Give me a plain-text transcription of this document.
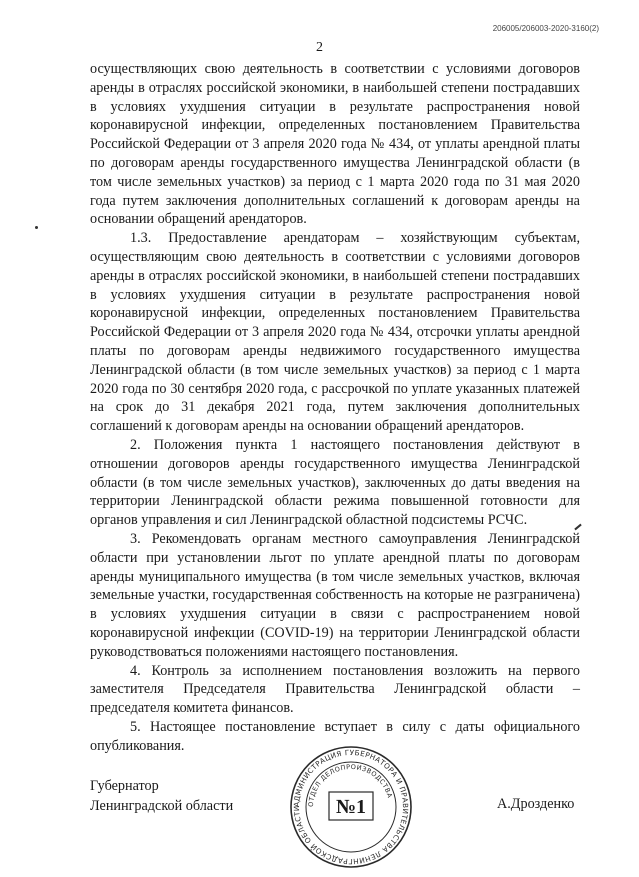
206005/206003-2020-3160(2)
2

осуществляющих свою деятельность в соответствии с условиями договоров аренды в отраслях российской экономики, в наибольшей степени пострадавших в условиях ухудшения ситуации в результате распространения новой коронавирусной инфекции, определенных постановлением Правительства Российской Федерации от 3 апреля 2020 года № 434, от уплаты арендной платы по договорам аренды государственного имущества Ленинградской области (в том числе земельных участков) за период с 1 марта 2020 года по 31 мая 2020 года путем заключения дополнительных соглашений к договорам аренды на основании обращений арендаторов.

1.3. Предоставление арендаторам – хозяйствующим субъектам, осуществляющим свою деятельность в соответствии с условиями договоров аренды в отраслях российской экономики, в наибольшей степени пострадавших в условиях ухудшения ситуации в результате распространения новой коронавирусной инфекции, определенных постановлением Правительства Российской Федерации от 3 апреля 2020 года № 434, отсрочки уплаты арендной платы по договорам аренды недвижимого государственного имущества Ленинградской области (в том числе земельных участков) за период с 1 марта 2020 года по 30 сентября 2020 года, с рассрочкой по уплате указанных платежей на срок до 31 декабря 2021 года, путем заключения дополнительных соглашений к договорам аренды на основании обращений арендаторов.

2. Положения пункта 1 настоящего постановления действуют в отношении договоров аренды государственного имущества Ленинградской области (в том числе земельных участков), заключенных до даты введения на территории Ленинградской области режима повышенной готовности для органов управления и сил Ленинградской областной подсистемы РСЧС.

3. Рекомендовать органам местного самоуправления Ленинградской области при установлении льгот по уплате арендной платы по договорам аренды муниципального имущества (в том числе земельных участков, включая земельные участки, государственная собственность на которые не разграничена) в условиях ухудшения ситуации в связи с распространением новой коронавирусной инфекции (COVID-19) на территории Ленинградской области руководствоваться положениями настоящего постановления.

4. Контроль за исполнением постановления возложить на первого заместителя Председателя Правительства Ленинградской области – председателя комитета финансов.

5. Настоящее постановление вступает в силу с даты официального опубликования.

Губернатор
Ленинградской области	А.Дрозденко
АДМИНИСТРАЦИЯ ГУБЕРНАТОРА И ПРАВИТЕЛЬСТВА ЛЕНИНГРАДСКОЙ ОБЛАСТИ
ОТДЕЛ ДЕЛОПРОИЗВОДСТВА
№1
